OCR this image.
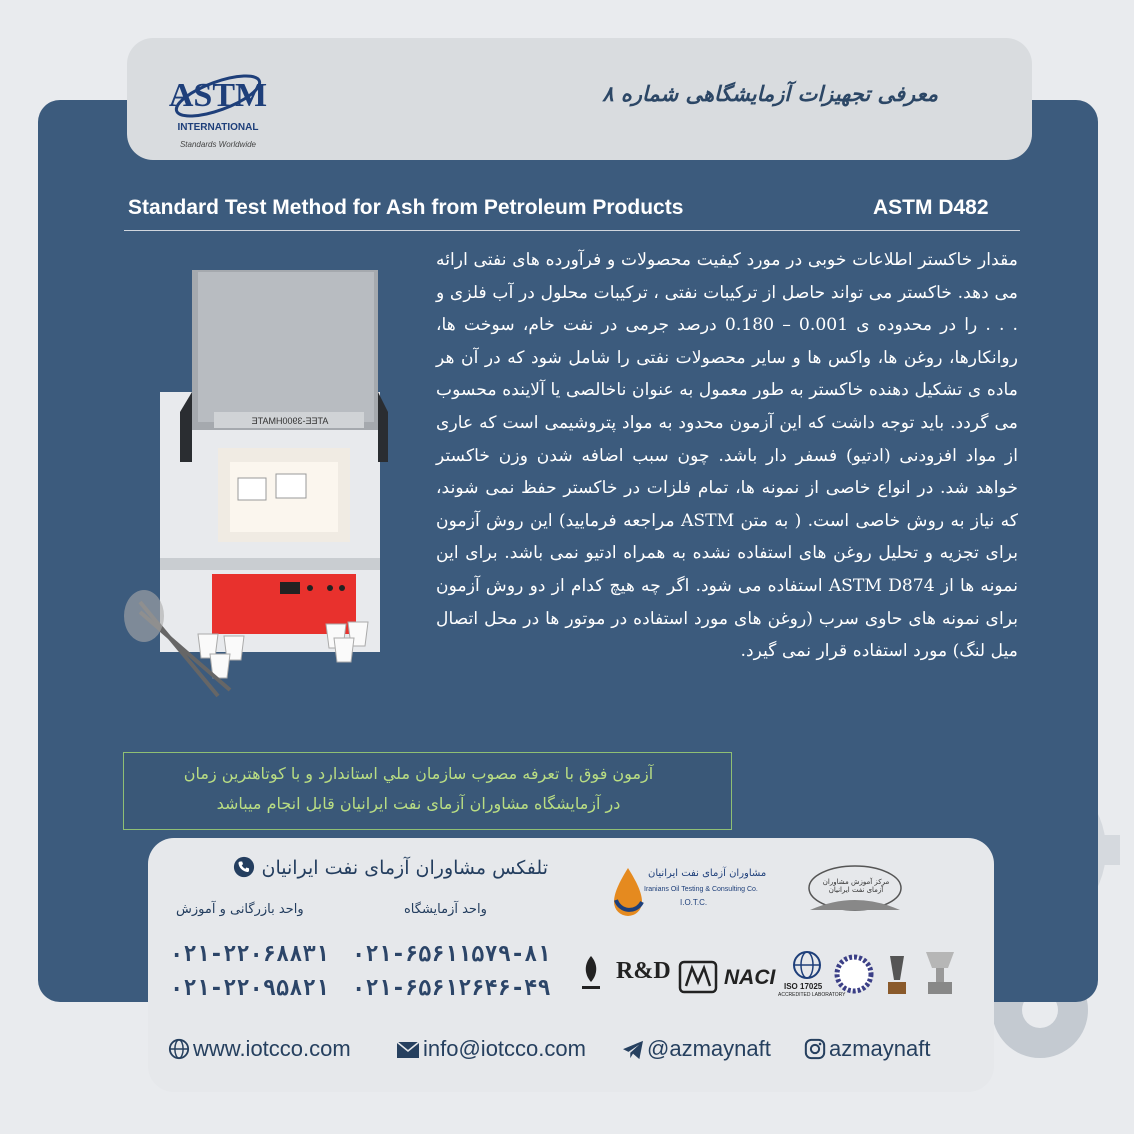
ASTM
INTERNATIONAL
Standards Worldwide
معرفی تجهیزات آزمایشگاهی شماره ۸
Standard Test Method for Ash from Petroleum Products	ASTM D482
ATEE-3900HMATE
مقدار خاکستر اطلاعات خوبی در مورد کیفیت محصولات و فرآورده های نفتی ارائه می دهد. خاکستر می تواند حاصل از ترکیبات نفتی ، ترکیبات محلول در آب فلزی و . . . را در محدوده ی 0.001 – 0.180 درصد جرمی در نفت خام، سوخت ها، روانکارها، روغن ها، واکس ها و سایر محصولات نفتی را شامل شود که در آن هر ماده ی تشکیل دهنده خاکستر به طور معمول به عنوان ناخالصی یا آلاینده محسوب می گردد. باید توجه داشت که این آزمون محدود به مواد پتروشیمی است که عاری از مواد افزودنی (ادتیو) فسفر دار باشد. چون سبب اضافه شدن وزن خاکستر خواهد شد. در انواع خاصی از نمونه ها، تمام فلزات در خاکستر حفظ نمی شوند، که نیاز به روش خاصی است. ( به متن ASTM مراجعه فرمایید) این روش آزمون برای تجزیه و تحلیل روغن های استفاده نشده به همراه ادتیو نمی باشد. برای این نمونه ها از ASTM D874 استفاده می شود. اگر چه هیچ کدام از دو روش آزمون برای نمونه های حاوی سرب (روغن های مورد استفاده در موتور ها در محل اتصال میل لنگ) مورد استفاده قرار نمی گیرد.
آزمون فوق با تعرفه مصوب سازمان ملي استاندارد و با کوتاهترین زمان
در آزمایشگاه مشاوران آزمای نفت ایرانیان قابل انجام میباشد
تلفکس مشاوران آزمای نفت ایرانیان
واحد آزمایشگاه
واحد بازرگانی و آموزش
۰۲۱-۶۵۶۱۱۵۷۹-۸۱
۰۲۱-۶۵۶۱۲۶۴۶-۴۹
۰۲۱-۲۲۰۶۸۸۳۱
۰۲۱-۲۲۰۹۵۸۲۱
مشاوران آزمای نفت ایرانیان
Iranians Oil Testing & Consulting Co.
I.O.T.C.
مرکز آموزش مشاوران آزمای نفت ایرانیان
R&D	NACI ISO 17025
ACCREDITED LABORATORY
www.iotcco.com	info@iotcco.com	@azmaynaft	azmaynaft
